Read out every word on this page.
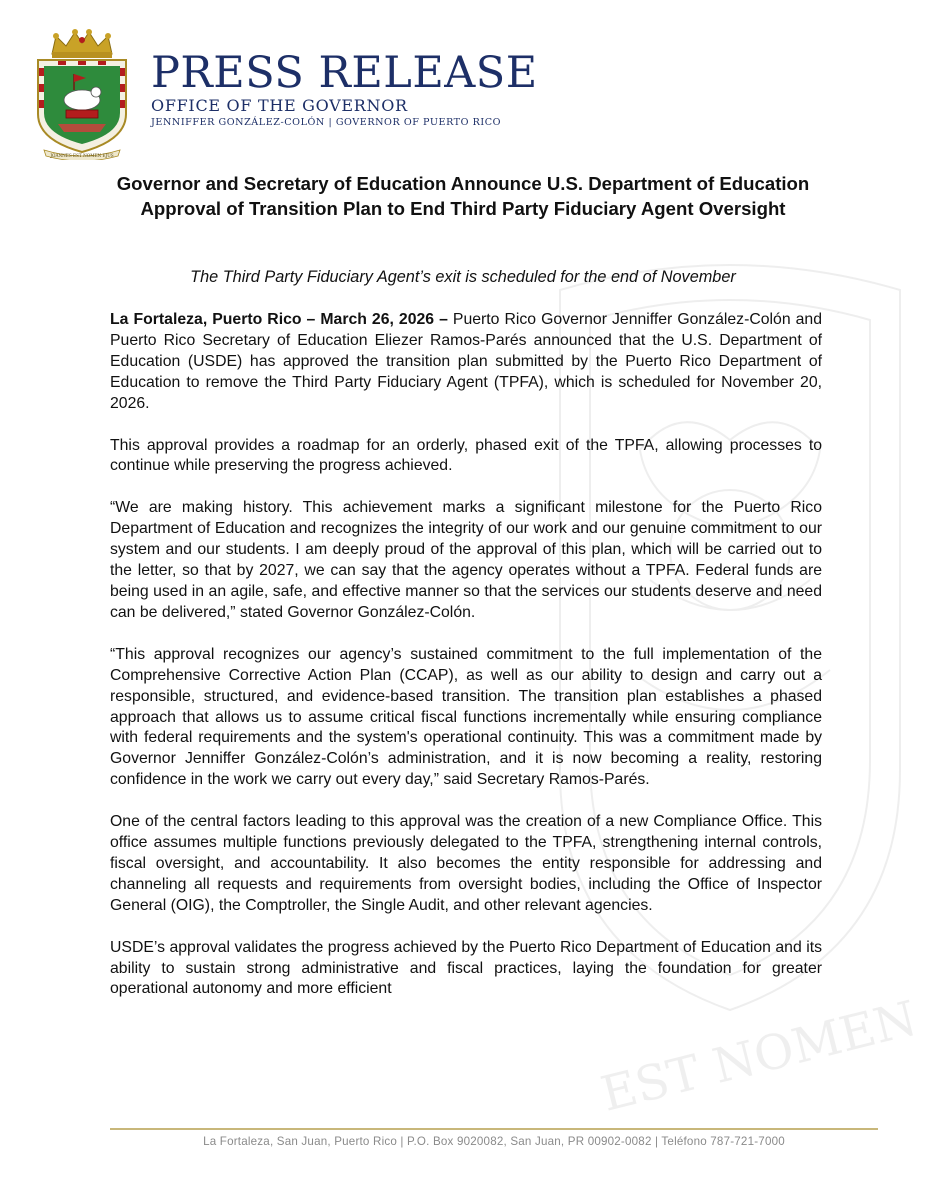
EST NOMEN
JOANNES EST NOMEN EJUS
PRESS RELEASE
OFFICE OF THE GOVERNOR
JENNIFFER GONZÁLEZ-COLÓN | GOVERNOR OF PUERTO RICO
Governor and Secretary of Education Announce U.S. Department of Education Approval of Transition Plan to End Third Party Fiduciary Agent Oversight
The Third Party Fiduciary Agent’s exit is scheduled for the end of November

La Fortaleza, Puerto Rico – March 26, 2026 – Puerto Rico Governor Jenniffer González-Colón and Puerto Rico Secretary of Education Eliezer Ramos-Parés announced that the U.S. Department of Education (USDE) has approved the transition plan submitted by the Puerto Rico Department of Education to remove the Third Party Fiduciary Agent (TPFA), which is scheduled for November 20, 2026.

This approval provides a roadmap for an orderly, phased exit of the TPFA, allowing processes to continue while preserving the progress achieved.

“We are making history. This achievement marks a significant milestone for the Puerto Rico Department of Education and recognizes the integrity of our work and our genuine commitment to our system and our students. I am deeply proud of the approval of this plan, which will be carried out to the letter, so that by 2027, we can say that the agency operates without a TPFA. Federal funds are being used in an agile, safe, and effective manner so that the services our students deserve and need can be delivered,” stated Governor González-Colón.

“This approval recognizes our agency’s sustained commitment to the full implementation of the Comprehensive Corrective Action Plan (CCAP), as well as our ability to design and carry out a responsible, structured, and evidence-based transition. The transition plan establishes a phased approach that allows us to assume critical fiscal functions incrementally while ensuring compliance with federal requirements and the system's operational continuity. This was a commitment made by Governor Jenniffer González-Colón’s administration, and it is now becoming a reality, restoring confidence in the work we carry out every day,” said Secretary Ramos-Parés.

One of the central factors leading to this approval was the creation of a new Compliance Office. This office assumes multiple functions previously delegated to the TPFA, strengthening internal controls, fiscal oversight, and accountability. It also becomes the entity responsible for addressing and channeling all requests and requirements from oversight bodies, including the Office of Inspector General (OIG), the Comptroller, the Single Audit, and other relevant agencies.

USDE’s approval validates the progress achieved by the Puerto Rico Department of Education and its ability to sustain strong administrative and fiscal practices, laying the foundation for greater operational autonomy and more efficient

La Fortaleza, San Juan, Puerto Rico | P.O. Box 9020082, San Juan, PR 00902-0082 | Teléfono 787-721-7000
